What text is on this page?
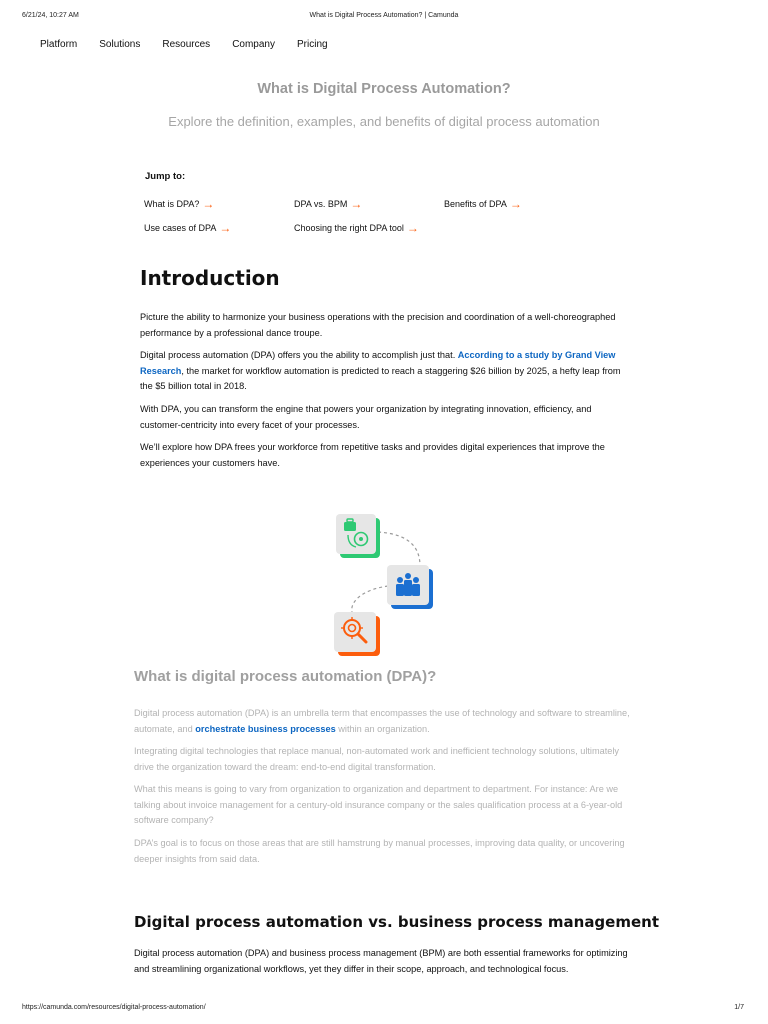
6/21/24, 10:27 AM	What is Digital Process Automation? | Camunda
Platform Solutions Resources Company Pricing
What is Digital Process Automation?
Explore the definition, examples, and benefits of digital process automation
Jump to:
What is DPA? →	DPA vs. BPM →	Benefits of DPA →
Use cases of DPA →	Choosing the right DPA tool →
Introduction
Picture the ability to harmonize your business operations with the precision and coordination of a well-choreographed performance by a professional dance troupe.
Digital process automation (DPA) offers you the ability to accomplish just that. According to a study by Grand View Research, the market for workflow automation is predicted to reach a staggering $26 billion by 2025, a hefty leap from the $5 billion total in 2018.
With DPA, you can transform the engine that powers your organization by integrating innovation, efficiency, and customer-centricity into every facet of your processes.
We’ll explore how DPA frees your workforce from repetitive tasks and provides digital experiences that improve the experiences your customers have.
What is digital process automation (DPA)?
Digital process automation (DPA) is an umbrella term that encompasses the use of technology and software to streamline, automate, and orchestrate business processes within an organization.
Integrating digital technologies that replace manual, non-automated work and inefficient technology solutions, ultimately drive the organization toward the dream: end-to-end digital transformation.
What this means is going to vary from organization to organization and department to department. For instance: Are we talking about invoice management for a century-old insurance company or the sales qualification process at a 6-year-old software company?
DPA’s goal is to focus on those areas that are still hamstrung by manual processes, improving data quality, or uncovering deeper insights from said data.
Digital process automation vs. business process management
Digital process automation (DPA) and business process management (BPM) are both essential frameworks for optimizing and streamlining organizational workflows, yet they differ in their scope, approach, and technological focus.
https://camunda.com/resources/digital-process-automation/	1/7
